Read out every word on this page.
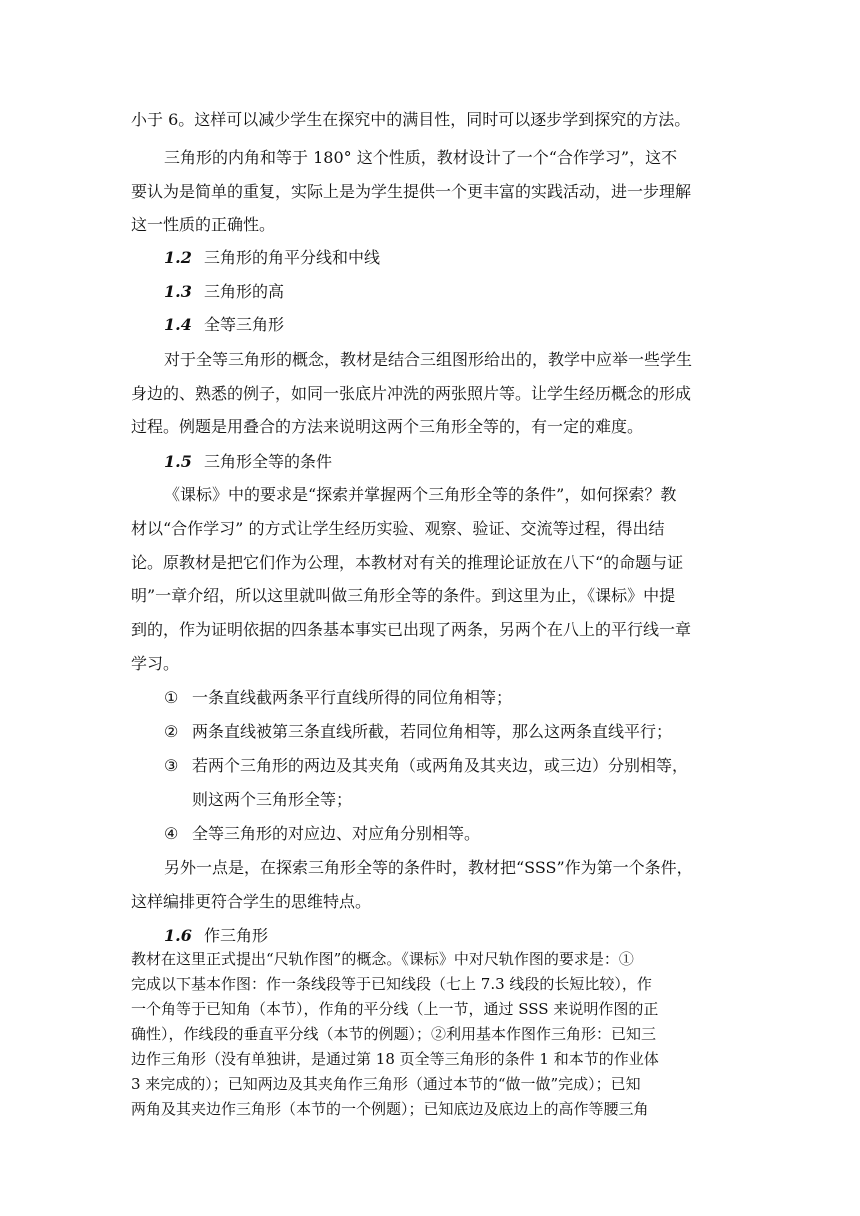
小于 6。这样可以减少学生在探究中的满目性，同时可以逐步学到探究的方法。
三角形的内角和等于 180° 这个性质，教材设计了一个“合作学习”，这不
要认为是简单的重复，实际上是为学生提供一个更丰富的实践活动，进一步理解
这一性质的正确性。
1.2 三角形的角平分线和中线
1.3 三角形的高
1.4 全等三角形
对于全等三角形的概念，教材是结合三组图形给出的，教学中应举一些学生
身边的、熟悉的例子，如同一张底片冲洗的两张照片等。让学生经历概念的形成
过程。例题是用叠合的方法来说明这两个三角形全等的，有一定的难度。
1.5 三角形全等的条件
《课标》中的要求是“探索并掌握两个三角形全等的条件”，如何探索？教
材以“合作学习” 的方式让学生经历实验、观察、验证、交流等过程，得出结
论。原教材是把它们作为公理，本教材对有关的推理论证放在八下“的命题与证
明”一章介绍，所以这里就叫做三角形全等的条件。到这里为止，《课标》中提
到的，作为证明依据的四条基本事实已出现了两条，另两个在八上的平行线一章
学习。
① 一条直线截两条平行直线所得的同位角相等；
② 两条直线被第三条直线所截，若同位角相等，那么这两条直线平行；
③ 若两个三角形的两边及其夹角（或两角及其夹边，或三边）分别相等，
则这两个三角形全等；
④ 全等三角形的对应边、对应角分别相等。
另外一点是，在探索三角形全等的条件时，教材把“SSS”作为第一个条件，
这样编排更符合学生的思维特点。
1.6 作三角形
教材在这里正式提出“尺轨作图”的概念。《课标》中对尺轨作图的要求是：①
完成以下基本作图：作一条线段等于已知线段（七上 7.3 线段的长短比较），作
一个角等于已知角（本节），作角的平分线（上一节，通过 SSS 来说明作图的正
确性），作线段的垂直平分线（本节的例题）；②利用基本作图作三角形：已知三
边作三角形（没有单独讲，是通过第 18 页全等三角形的条件 1 和本节的作业体
3 来完成的）；已知两边及其夹角作三角形（通过本节的“做一做”完成）；已知
两角及其夹边作三角形（本节的一个例题）；已知底边及底边上的高作等腰三角
